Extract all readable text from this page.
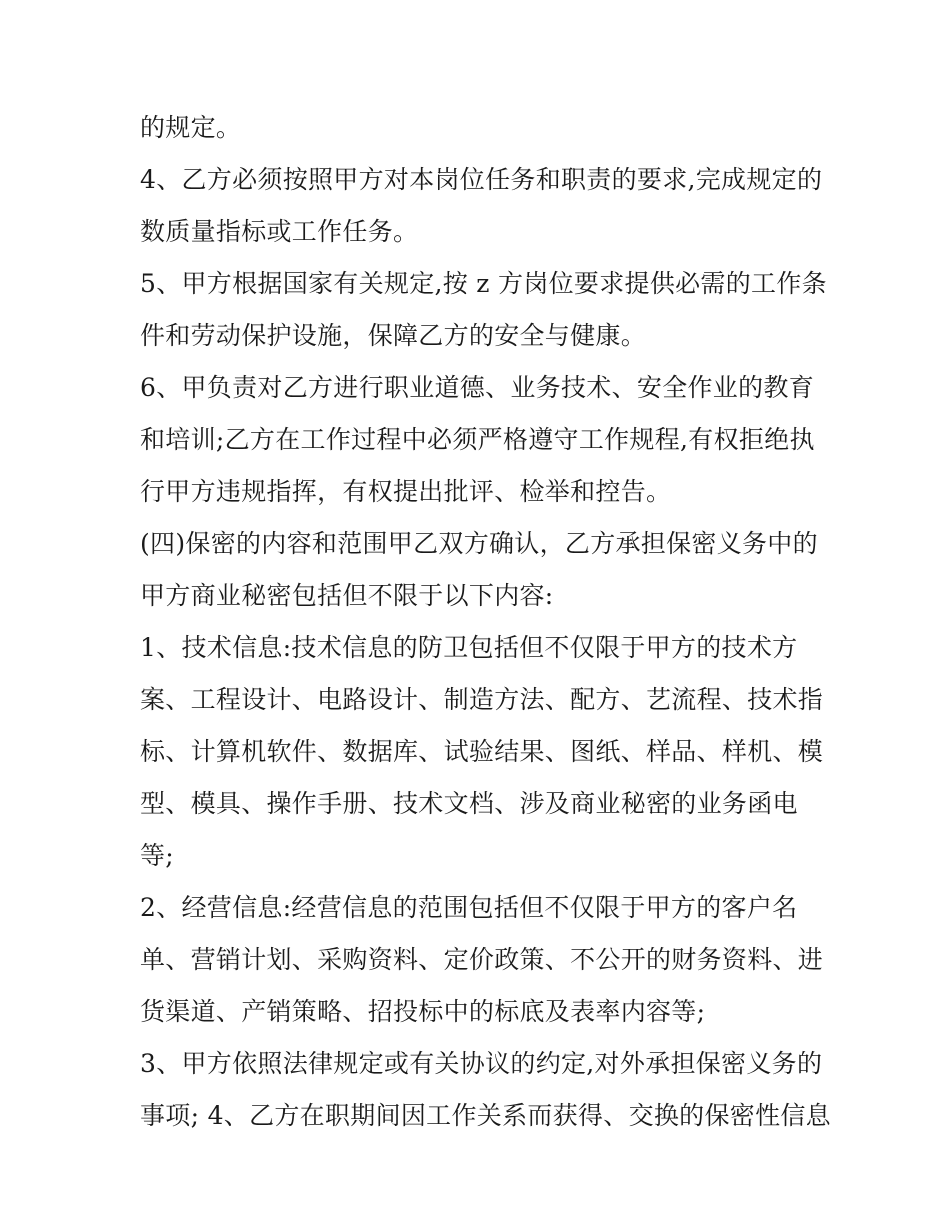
的规定。
4、乙方必须按照甲方对本岗位任务和职责的要求,完成规定的
数质量指标或工作任务。
5、甲方根据国家有关规定,按 z 方岗位要求提供必需的工作条
件和劳动保护设施，保障乙方的安全与健康。
6、甲负责对乙方进行职业道德、业务技术、安全作业的教育
和培训;乙方在工作过程中必须严格遵守工作规程,有权拒绝执
行甲方违规指挥，有权提出批评、检举和控告。
(四)保密的内容和范围甲乙双方确认，乙方承担保密义务中的
甲方商业秘密包括但不限于以下内容:
1、技术信息:技术信息的防卫包括但不仅限于甲方的技术方
案、工程设计、电路设计、制造方法、配方、艺流程、技术指
标、计算机软件、数据库、试验结果、图纸、样品、样机、模
型、模具、操作手册、技术文档、涉及商业秘密的业务函电
等;
2、经营信息:经营信息的范围包括但不仅限于甲方的客户名
单、营销计划、采购资料、定价政策、不公开的财务资料、进
货渠道、产销策略、招投标中的标底及表率内容等;
3、甲方依照法律规定或有关协议的约定,对外承担保密义务的
事项; 4、乙方在职期间因工作关系而获得、交换的保密性信息
